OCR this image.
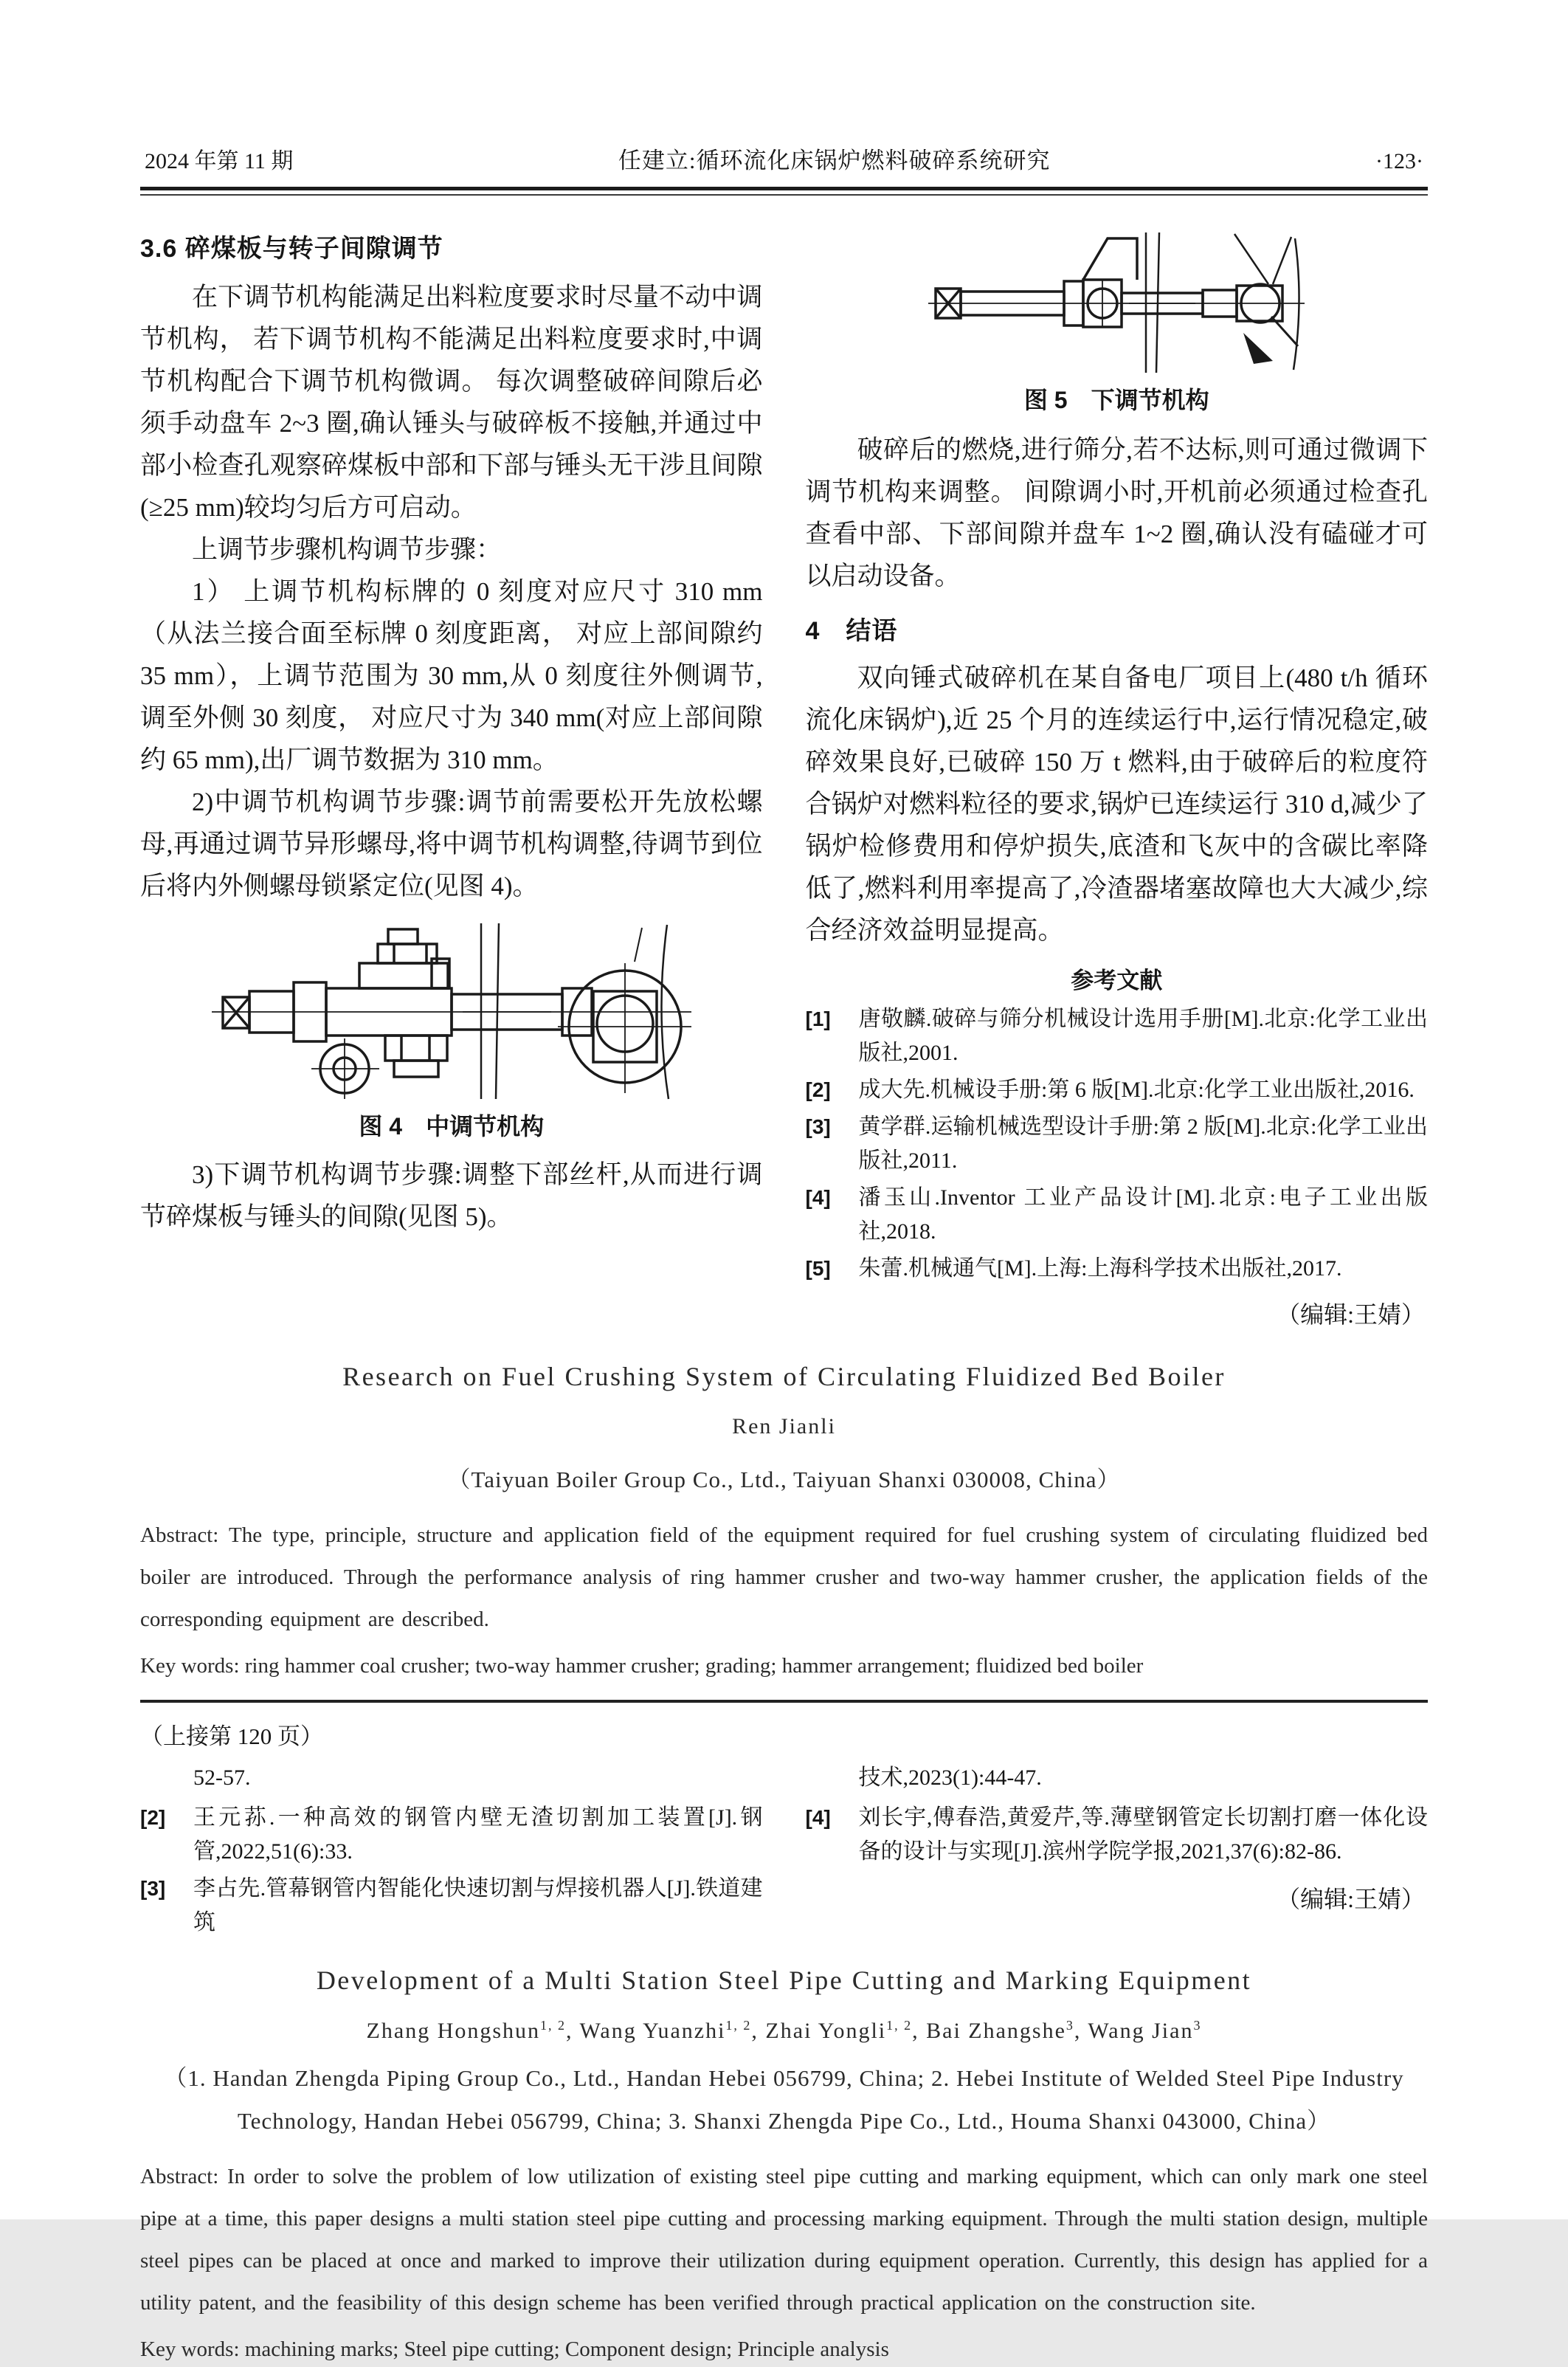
2024 年第 11 期	任建立:循环流化床锅炉燃料破碎系统研究	·123·
3.6 碎煤板与转子间隙调节

在下调节机构能满足出料粒度要求时尽量不动中调节机构， 若下调节机构不能满足出料粒度要求时,中调节机构配合下调节机构微调。 每次调整破碎间隙后必须手动盘车 2~3 圈,确认锤头与破碎板不接触,并通过中部小检查孔观察碎煤板中部和下部与锤头无干涉且间隙(≥25 mm)较均匀后方可启动。

上调节步骤机构调节步骤：

1） 上调节机构标牌的 0 刻度对应尺寸 310 mm （从法兰接合面至标牌 0 刻度距离， 对应上部间隙约 35 mm），上调节范围为 30 mm,从 0 刻度往外侧调节, 调至外侧 30 刻度， 对应尺寸为 340 mm(对应上部间隙约 65 mm),出厂调节数据为 310 mm。

2)中调节机构调节步骤:调节前需要松开先放松螺母,再通过调节异形螺母,将中调节机构调整,待调节到位后将内外侧螺母锁紧定位(见图 4)。

图 4　中调节机构

3)下调节机构调节步骤:调整下部丝杆,从而进行调节碎煤板与锤头的间隙(见图 5)。

图 5　下调节机构

破碎后的燃烧,进行筛分,若不达标,则可通过微调下调节机构来调整。 间隙调小时,开机前必须通过检查孔查看中部、下部间隙并盘车 1~2 圈,确认没有磕碰才可以启动设备。

4　结语

双向锤式破碎机在某自备电厂项目上(480 t/h 循环流化床锅炉),近 25 个月的连续运行中,运行情况稳定,破碎效果良好,已破碎 150 万 t 燃料,由于破碎后的粒度符合锅炉对燃料粒径的要求,锅炉已连续运行 310 d,减少了锅炉检修费用和停炉损失,底渣和飞灰中的含碳比率降低了,燃料利用率提高了,冷渣器堵塞故障也大大减少,综合经济效益明显提高。

参考文献
[1] 唐敬麟.破碎与筛分机械设计选用手册[M].北京:化学工业出版社,2001.
[2] 成大先.机械设手册:第 6 版[M].北京:化学工业出版社,2016.
[3] 黄学群.运输机械选型设计手册:第 2 版[M].北京:化学工业出版社,2011.
[4] 潘玉山.Inventor 工业产品设计[M].北京:电子工业出版社,2018.
[5] 朱蕾.机械通气[M].上海:上海科学技术出版社,2017.
（编辑:王婧）
Research on Fuel Crushing System of Circulating Fluidized Bed Boiler
Ren Jianli
（Taiyuan Boiler Group Co., Ltd., Taiyuan Shanxi 030008, China）
Abstract: The type, principle, structure and application field of the equipment required for fuel crushing system of circulating fluidized bed boiler are introduced. Through the performance analysis of ring hammer crusher and two-way hammer crusher, the application fields of the corresponding equipment are described.
Key words: ring hammer coal crusher; two-way hammer crusher; grading; hammer arrangement; fluidized bed boiler
（上接第 120 页）
52-57.
[2] 王元荪.一种高效的钢管内壁无渣切割加工装置[J].钢管,2022,51(6):33.
[3] 李占先.管幕钢管内智能化快速切割与焊接机器人[J].铁道建筑
技术,2023(1):44-47.
[4] 刘长宇,傅春浩,黄爱芹,等.薄壁钢管定长切割打磨一体化设备的设计与实现[J].滨州学院学报,2021,37(6):82-86.
（编辑:王婧）
Development of a Multi Station Steel Pipe Cutting and Marking Equipment
Zhang Hongshun$^{1, 2}$, Wang Yuanzhi$^{1, 2}$, Zhai Yongli$^{1, 2}$, Bai Zhangshe$^3$, Wang Jian$^3$
（1. Handan Zhengda Piping Group Co., Ltd., Handan Hebei 056799, China; 2. Hebei Institute of Welded Steel Pipe Industry Technology, Handan Hebei 056799, China; 3. Shanxi Zhengda Pipe Co., Ltd., Houma Shanxi 043000, China）
Abstract: In order to solve the problem of low utilization of existing steel pipe cutting and marking equipment, which can only mark one steel pipe at a time, this paper designs a multi station steel pipe cutting and processing marking equipment. Through the multi station design, multiple steel pipes can be placed at once and marked to improve their utilization during equipment operation. Currently, this design has applied for a utility patent, and the feasibility of this design scheme has been verified through practical application on the construction site.
Key words: machining marks; Steel pipe cutting; Component design; Principle analysis
